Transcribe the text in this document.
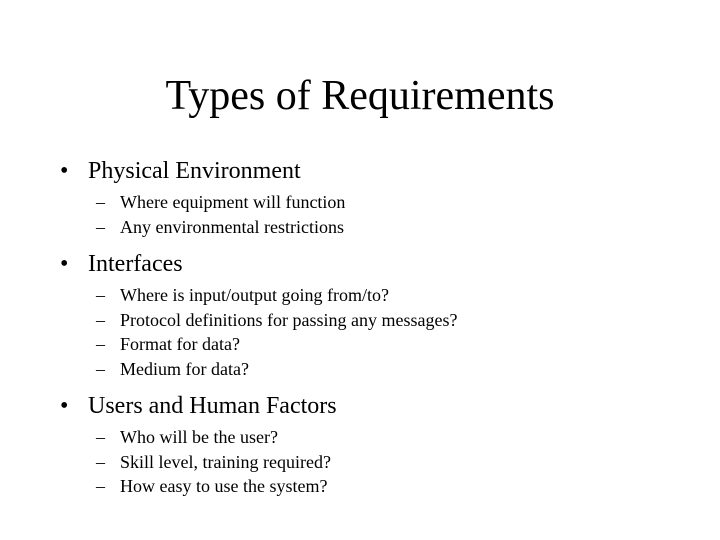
Types of Requirements
• Physical Environment
– Where equipment will function
– Any environmental restrictions
• Interfaces
– Where is input/output going from/to?
– Protocol definitions for passing any messages?
– Format for data?
– Medium for data?
• Users and Human Factors
– Who will be the user?
– Skill level, training required?
– How easy to use the system?
